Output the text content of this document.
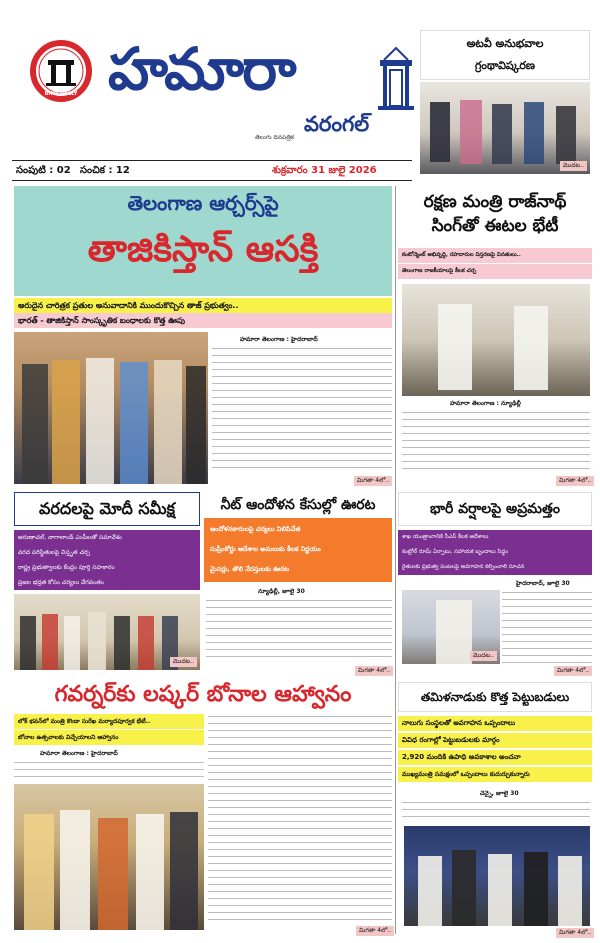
BHOOPALLY హమారా
వరంగల్
తెలుగు దినపత్రిక
అటవీ అనుభవాల గ్రంథావిష్కరణ
మొదట..
సంపుటి : 02 సంచిక : 12	శుక్రవారం 31 జులై 2026
తెలంగాణ ఆర్చర్స్‌పై
తాజికిస్తాన్ ఆసక్తి
అరుదైన చారిత్రక ప్రతుల అనువాదానికి ముందుకొచ్చిన తాజ్ ప్రభుత్వం..
భారత్ - తాజికిస్తాన్ సాంస్కృతిక బంధాలకు కొత్త ఊపు
హమారా తెలంగాణ : హైదరాబాద్
మిగతా 4లో..
రక్షణ మంత్రి రాజ్‌నాథ్ సింగ్‌తో ఈటల భేటీ
కంటోన్మెంట్ అభివృద్ధి, రహదారుల విస్తరణపై వినతులు..
తెలంగాణ రాజకీయాలపై కీలక చర్చ
హమారా తెలంగాణ : న్యూఢిల్లీ
మిగతా 4లో..
వరదలపై మోదీ సమీక్ష
అరుణాచల్, నాగాలాండ్ ఎంపీలతో సమావేశం
వరద పరిస్థితులపై విస్తృత చర్చ
రాష్ట్ర ప్రభుత్వాలకు కేంద్రం పూర్తి సహకారం
ప్రజల భద్రత కోసం చర్యలు వేగవంతం
మొదట..
నీట్ ఆందోళన కేసుల్లో ఊరట
ఆందోళనకారులపై చర్యలు నిలిపివేత
సుప్రీంకోర్టు ఆదేశాల అమలుకు కీలక నిర్ణయం
మైనర్లు, తొలి నేరస్తులకు ఊరట
న్యూఢిల్లీ, జూలై 30
మిగతా 4లో..
భారీ వర్షాలపై అప్రమత్తం
శాఖ యంత్రాంగానికి సీఎస్ కీలక ఆదేశాలు
కంట్రోల్ రూమ్ ఏర్పాటు, సహాయక బృందాలు సిద్ధం
రైతులకు ప్రభుత్వ పంటలపై అవగాహన కల్పించాలి సూచన
హైదరాబాద్, జూలై 30
మొదట..
మిగతా 4లో..
గవర్నర్‌కు లష్కర్ బోనాల ఆహ్వానం
లోక్ భవన్‌లో మంత్రి కొండా సురేఖ మర్యాదపూర్వక భేటీ..
బోనాల ఉత్సవాలకు విచ్చేయాలని ఆహ్వానం
హమారా తెలంగాణ : హైదరాబాద్
మిగతా 4లో..
తమిళనాడుకు కొత్త పెట్టుబడులు
నాలుగు సంస్థలతో అవగాహన ఒప్పందాలు
వివిధ రంగాల్లో పెట్టుబడులకు మార్గం
2,920 మందికి ఉపాధి అవకాశాల అంచనా
ముఖ్యమంత్రి సమక్షంలో ఒప్పందాలు కుదుర్చుకున్నారు
చెన్నై, జూలై 30
మిగతా 4లో..
